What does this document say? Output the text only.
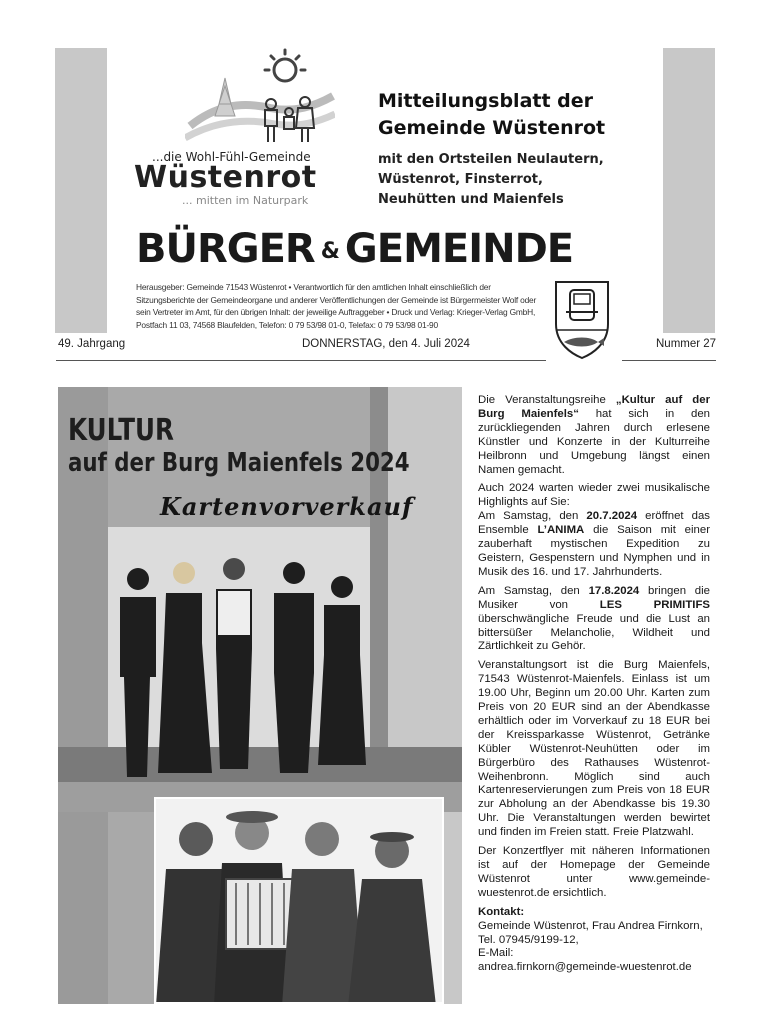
...die Wohl-Fühl-Gemeinde
Wüstenrot
... mitten im Naturpark
Mitteilungsblatt der
Gemeinde Wüstenrot
mit den Ortsteilen Neulautern,
Wüstenrot, Finsterrot,
Neuhütten und Maienfels
BÜRGER & GEMEINDE
Herausgeber: Gemeinde 71543 Wüstenrot • Verantwortlich für den amtlichen Inhalt einschließlich der Sitzungsberichte der Gemeindeorgane und anderer Veröffentlichungen der Gemeinde ist Bürgermeister Wolf oder sein Vertreter im Amt, für den übrigen Inhalt: der jeweilige Auftraggeber • Druck und Verlag: Krieger-Verlag GmbH, Postfach 11 03, 74568 Blaufelden, Telefon: 0 79 53/98 01-0, Telefax: 0 79 53/98 01-90
49. Jahrgang	DONNERSTAG, den 4. Juli 2024	Nummer 27
KULTUR
auf der Burg Maienfels 2024
Kartenvorverkauf

Die Veranstaltungsreihe „Kultur auf der Burg Maienfels“ hat sich in den zurückliegenden Jahren durch erlesene Künstler und Konzerte in der Kulturreihe Heilbronn und Umgebung längst einen Namen gemacht.

Auch 2024 warten wieder zwei musikalische Highlights auf Sie:

Am Samstag, den 20.7.2024 eröffnet das Ensemble L’ANIMA die Saison mit einer zauberhaft mystischen Expedition zu Geistern, Gespenstern und Nymphen und in Musik des 16. und 17. Jahrhunderts.

Am Samstag, den 17.8.2024 bringen die Musiker von LES PRIMITIFS überschwängliche Freude und die Lust an bittersüßer Melancholie, Wildheit und Zärtlichkeit zu Gehör.

Veranstaltungsort ist die Burg Maienfels, 71543 Wüstenrot-Maienfels. Einlass ist um 19.00 Uhr, Beginn um 20.00 Uhr. Karten zum Preis von 20 EUR sind an der Abendkasse erhältlich oder im Vorverkauf zu 18 EUR bei der Kreissparkasse Wüstenrot, Getränke Kübler Wüstenrot-Neuhütten oder im Bürgerbüro des Rathauses Wüstenrot-Weihenbronn. Möglich sind auch Kartenreservierungen zum Preis von 18 EUR zur Abholung an der Abendkasse bis 19.30 Uhr. Die Veranstaltungen werden bewirtet und finden im Freien statt. Freie Platzwahl.

Der Konzertflyer mit näheren Informationen ist auf der Homepage der Gemeinde Wüstenrot unter www.gemeinde-wuestenrot.de ersichtlich.

Kontakt:
Gemeinde Wüstenrot, Frau Andrea Firnkorn,
Tel. 07945/9199-12,
E-Mail:
andrea.firnkorn@gemeinde-wuestenrot.de
